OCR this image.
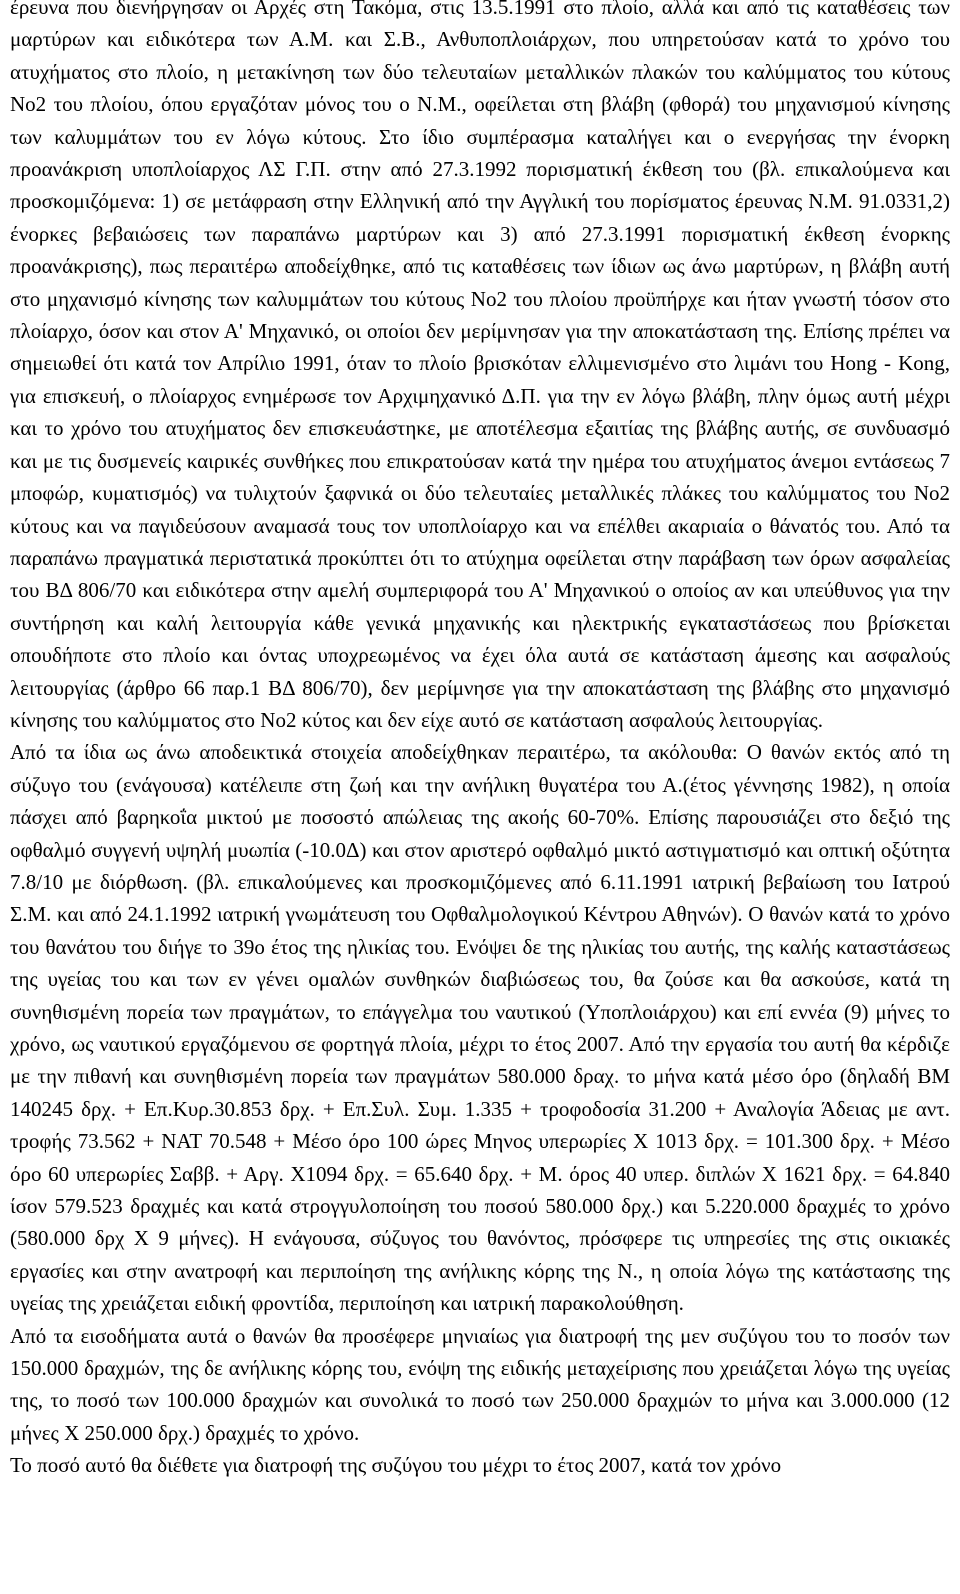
έρευνα που διενήργησαν οι Αρχές στη Τακόμα, στις 13.5.1991 στο πλοίο, αλλά και από τις καταθέσεις των μαρτύρων και ειδικότερα των Α.Μ. και Σ.Β., Ανθυποπλοιάρχων, που υπηρετούσαν κατά το χρόνο του ατυχήματος στο πλοίο, η μετακίνηση των δύο τελευταίων μεταλλικών πλακών του καλύμματος του κύτους Νο2 του πλοίου, όπου εργαζόταν μόνος του ο Ν.Μ., οφείλεται στη βλάβη (φθορά) του μηχανισμού κίνησης των καλυμμάτων του εν λόγω κύτους. Στο ίδιο συμπέρασμα καταλήγει και ο ενεργήσας την ένορκη προανάκριση υποπλοίαρχος ΛΣ Γ.Π. στην από 27.3.1992 πορισματική έκθεση του (βλ. επικαλούμενα και προσκομιζόμενα: 1) σε μετάφραση στην Ελληνική από την Αγγλική του πορίσματος έρευνας Ν.Μ. 91.0331,2) ένορκες βεβαιώσεις των παραπάνω μαρτύρων και 3) από 27.3.1991 πορισματική έκθεση ένορκης προανάκρισης), πως περαιτέρω αποδείχθηκε, από τις καταθέσεις των ίδιων ως άνω μαρτύρων, η βλάβη αυτή στο μηχανισμό κίνησης των καλυμμάτων του κύτους Νο2 του πλοίου προϋπήρχε και ήταν γνωστή τόσον στο πλοίαρχο, όσον και στον Α' Μηχανικό, οι οποίοι δεν μερίμνησαν για την αποκατάσταση της. Επίσης πρέπει να σημειωθεί ότι κατά τον Απρίλιο 1991, όταν το πλοίο βρισκόταν ελλιμενισμένο στο λιμάνι του Hong - Kong, για επισκευή, ο πλοίαρχος ενημέρωσε τον Αρχιμηχανικό Δ.Π. για την εν λόγω βλάβη, πλην όμως αυτή μέχρι και το χρόνο του ατυχήματος δεν επισκευάστηκε, με αποτέλεσμα εξαιτίας της βλάβης αυτής, σε συνδυασμό και με τις δυσμενείς καιρικές συνθήκες που επικρατούσαν κατά την ημέρα του ατυχήματος άνεμοι εντάσεως 7 μποφώρ, κυματισμός) να τυλιχτούν ξαφνικά οι δύο τελευταίες μεταλλικές πλάκες του καλύμματος του Νο2 κύτους και να παγιδεύσουν αναμασά τους τον υποπλοίαρχο και να επέλθει ακαριαία ο θάνατός του. Από τα παραπάνω πραγματικά περιστατικά προκύπτει ότι το ατύχημα οφείλεται στην παράβαση των όρων ασφαλείας του ΒΔ 806/70 και ειδικότερα στην αμελή συμπεριφορά του Α' Μηχανικού ο οποίος αν και υπεύθυνος για την συντήρηση και καλή λειτουργία κάθε γενικά μηχανικής και ηλεκτρικής εγκαταστάσεως που βρίσκεται οπουδήποτε στο πλοίο και όντας υποχρεωμένος να έχει όλα αυτά σε κατάσταση άμεσης και ασφαλούς λειτουργίας (άρθρο 66 παρ.1 ΒΔ 806/70), δεν μερίμνησε για την αποκατάσταση της βλάβης στο μηχανισμό κίνησης του καλύμματος στο Νο2 κύτος και δεν είχε αυτό σε κατάσταση ασφαλούς λειτουργίας.

Από τα ίδια ως άνω αποδεικτικά στοιχεία αποδείχθηκαν περαιτέρω, τα ακόλουθα: Ο θανών εκτός από τη σύζυγο του (ενάγουσα) κατέλειπε στη ζωή και την ανήλικη θυγατέρα του Α.(έτος γέννησης 1982), η οποία πάσχει από βαρηκοΐα μικτού με ποσοστό απώλειας της ακοής 60-70%. Επίσης παρουσιάζει στο δεξιό της οφθαλμό συγγενή υψηλή μυωπία (-10.0Δ) και στον αριστερό οφθαλμό μικτό αστιγματισμό και οπτική οξύτητα 7.8/10 με διόρθωση. (βλ. επικαλούμενες και προσκομιζόμενες από 6.11.1991 ιατρική βεβαίωση του Ιατρού Σ.Μ. και από 24.1.1992 ιατρική γνωμάτευση του Οφθαλμολογικού Κέντρου Αθηνών). Ο θανών κατά το χρόνο του θανάτου του διήγε το 39ο έτος της ηλικίας του. Ενόψει δε της ηλικίας του αυτής, της καλής καταστάσεως της υγείας του και των εν γένει ομαλών συνθηκών διαβιώσεως του, θα ζούσε και θα ασκούσε, κατά τη συνηθισμένη πορεία των πραγμάτων, το επάγγελμα του ναυτικού (Υποπλοιάρχου) και επί εννέα (9) μήνες το χρόνο, ως ναυτικού εργαζόμενου σε φορτηγά πλοία, μέχρι το έτος 2007. Από την εργασία του αυτή θα κέρδιζε με την πιθανή και συνηθισμένη πορεία των πραγμάτων 580.000 δραχ. το μήνα κατά μέσο όρο (δηλαδή ΒΜ 140245 δρχ. + Επ.Κυρ.30.853 δρχ. + Επ.Συλ. Συμ. 1.335 + τροφοδοσία 31.200 + Αναλογία Άδειας με αντ. τροφής 73.562 + ΝΑΤ 70.548 + Μέσο όρο 100 ώρες Μηνος υπερωρίες Χ 1013 δρχ. = 101.300 δρχ. + Μέσο όρο 60 υπερωρίες Σαββ. + Αργ. Χ1094 δρχ. = 65.640 δρχ. + Μ. όρος 40 υπερ. διπλών Χ 1621 δρχ. = 64.840 ίσον 579.523 δραχμές και κατά στρογγυλοποίηση του ποσού 580.000 δρχ.) και 5.220.000 δραχμές το χρόνο (580.000 δρχ Χ 9 μήνες). Η ενάγουσα, σύζυγος του θανόντος, πρόσφερε τις υπηρεσίες της στις οικιακές εργασίες και στην ανατροφή και περιποίηση της ανήλικης κόρης της Ν., η οποία λόγω της κατάστασης της υγείας της χρειάζεται ειδική φροντίδα, περιποίηση και ιατρική παρακολούθηση.

Από τα εισοδήματα αυτά ο θανών θα προσέφερε μηνιαίως για διατροφή της μεν συζύγου του το ποσόν των 150.000 δραχμών, της δε ανήλικης κόρης του, ενόψη της ειδικής μεταχείρισης που χρειάζεται λόγω της υγείας της, το ποσό των 100.000 δραχμών και συνολικά το ποσό των 250.000 δραχμών το μήνα και 3.000.000 (12 μήνες Χ 250.000 δρχ.) δραχμές το χρόνο.

Το ποσό αυτό θα διέθετε για διατροφή της συζύγου του μέχρι το έτος 2007, κατά τον χρόνο
